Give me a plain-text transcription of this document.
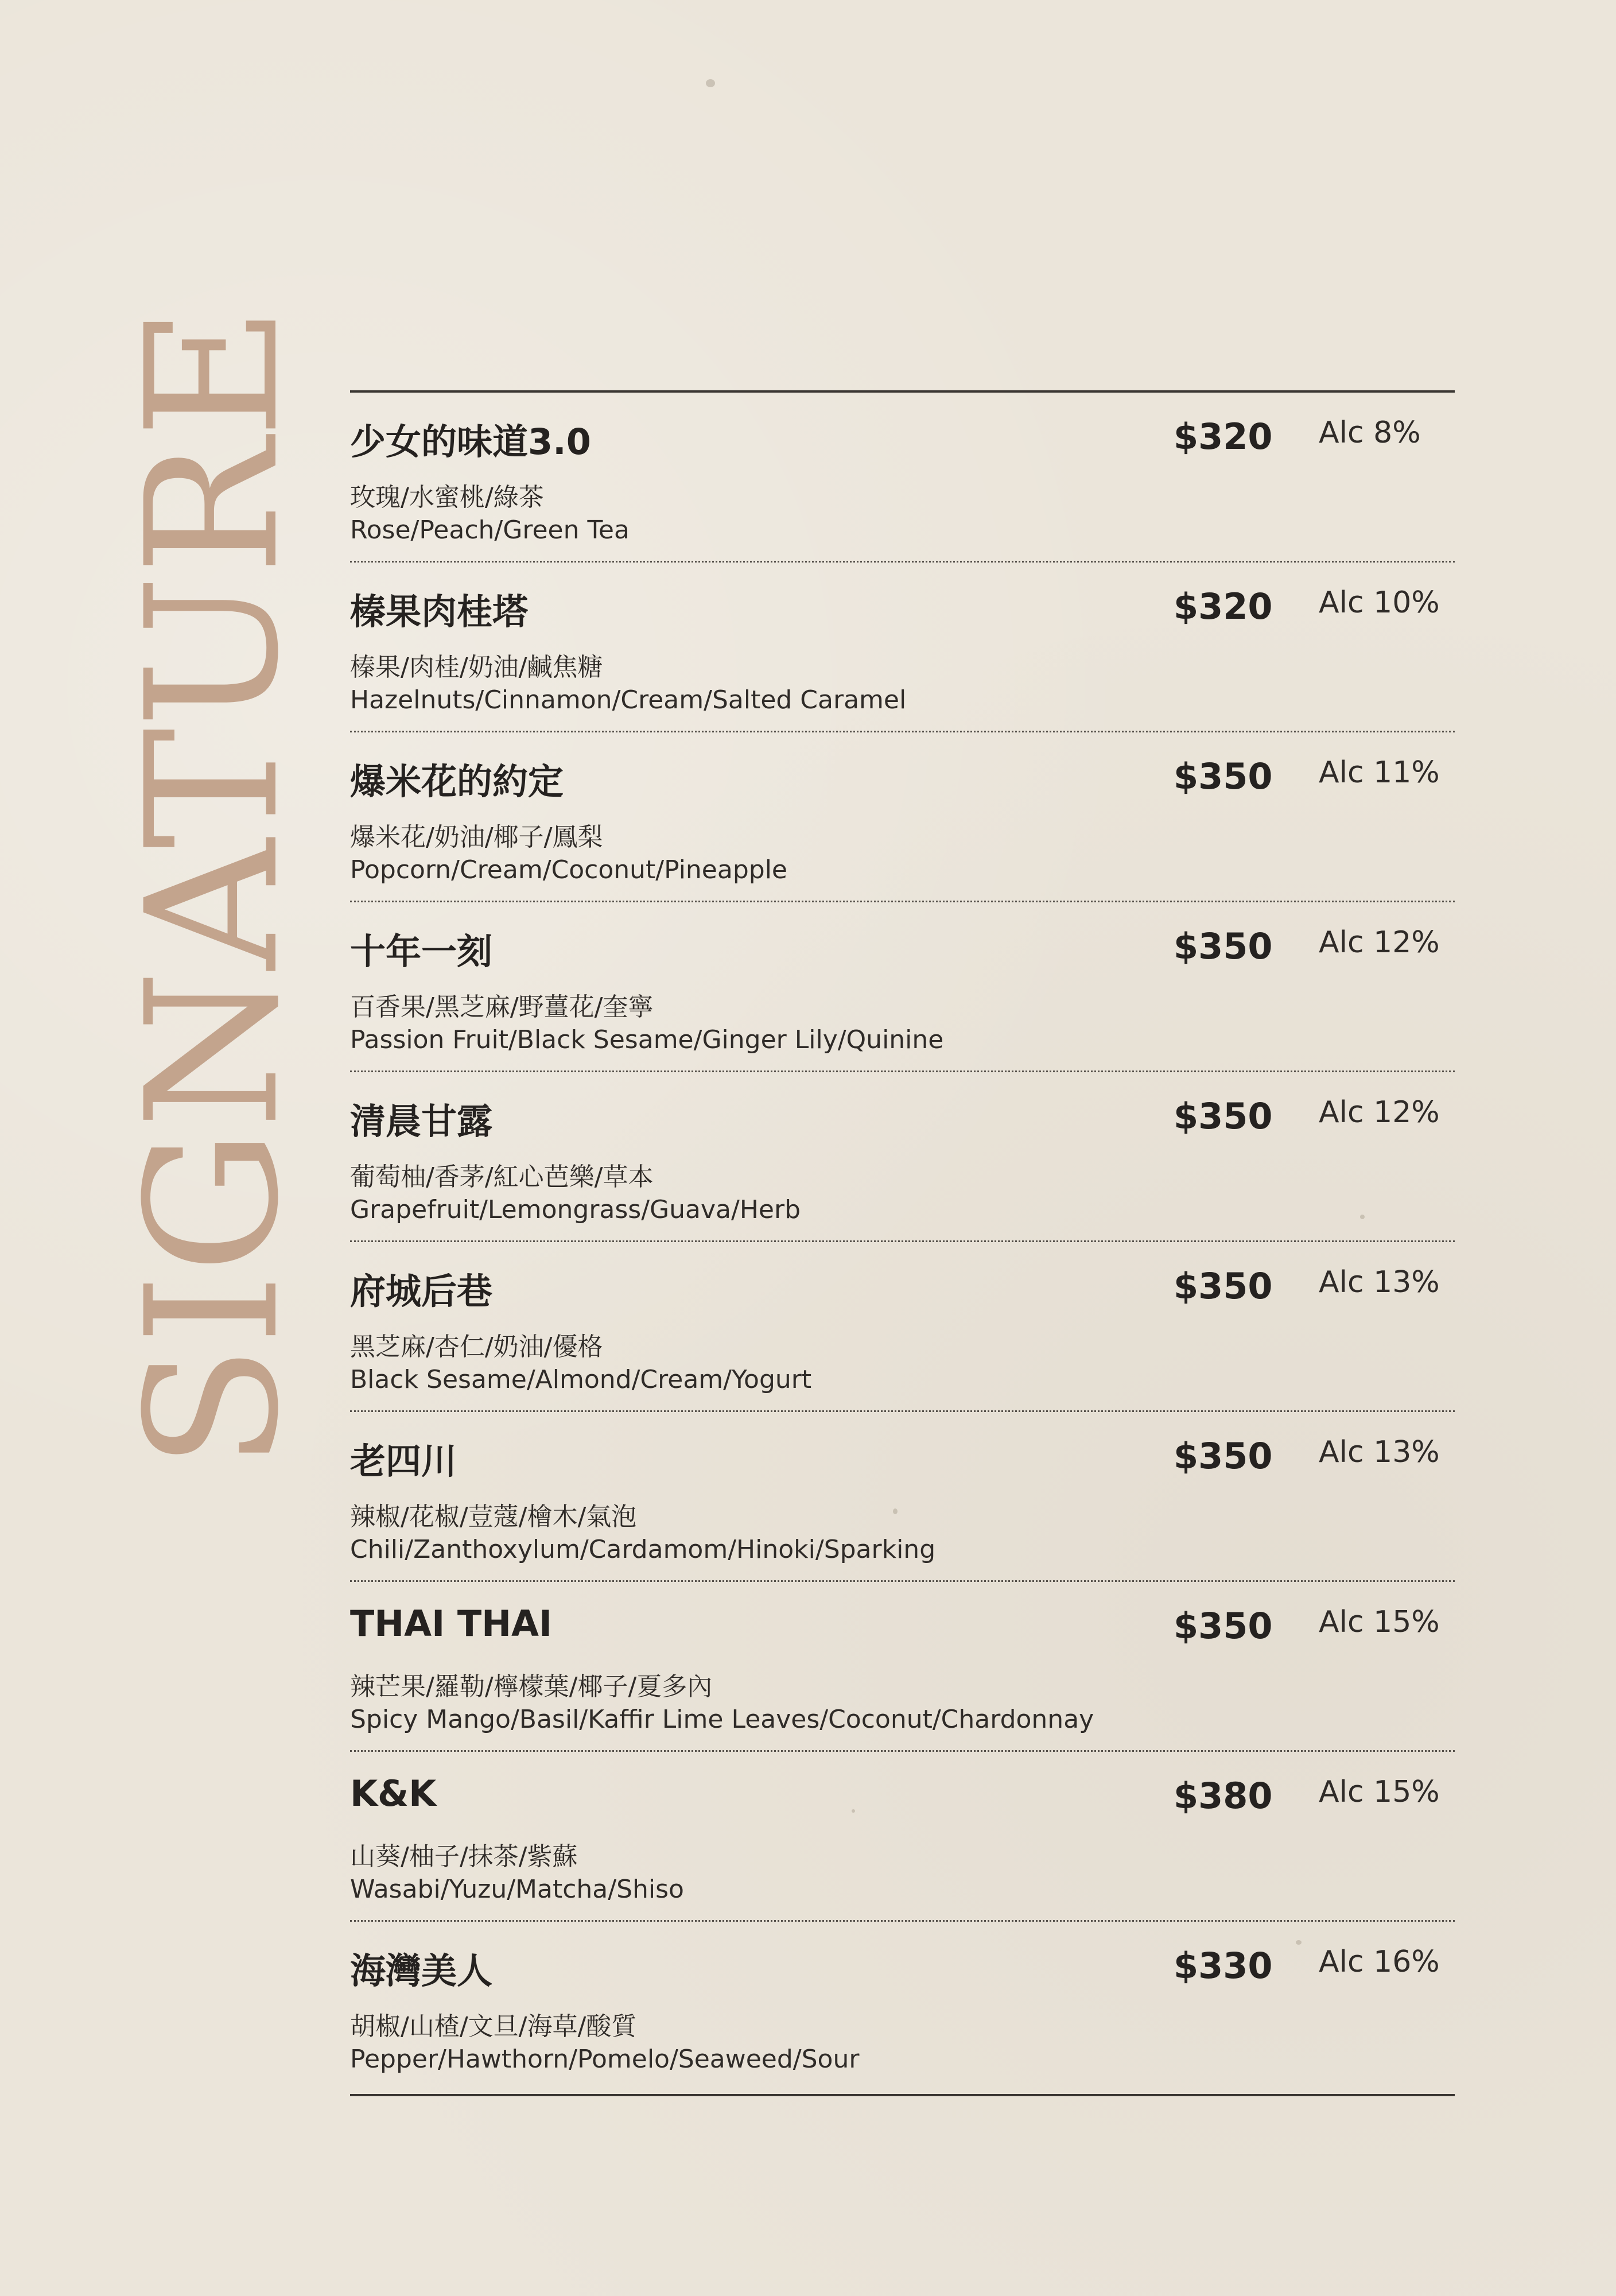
SIGNATURE 少女的味道3.0	$320 Alc 8%
玫瑰/水蜜桃/綠茶
Rose/Peach/Green Tea
榛果肉桂塔	$320 Alc 10%
榛果/肉桂/奶油/鹹焦糖
Hazelnuts/Cinnamon/Cream/Salted Caramel
爆米花的約定	$350 Alc 11%
爆米花/奶油/椰子/鳳梨
Popcorn/Cream/Coconut/Pineapple
十年一刻	$350 Alc 12%
百香果/黑芝麻/野薑花/奎寧
Passion Fruit/Black Sesame/Ginger Lily/Quinine
清晨甘露	$350 Alc 12%
葡萄柚/香茅/紅心芭樂/草本
Grapefruit/Lemongrass/Guava/Herb
府城后巷	$350 Alc 13%
黑芝麻/杏仁/奶油/優格
Black Sesame/Almond/Cream/Yogurt
老四川	$350 Alc 13%
辣椒/花椒/荳蔻/檜木/氣泡
Chili/Zanthoxylum/Cardamom/Hinoki/Sparking
THAI THAI	$350 Alc 15%
辣芒果/羅勒/檸檬葉/椰子/夏多內
Spicy Mango/Basil/Kaffir Lime Leaves/Coconut/Chardonnay
K&K	$380 Alc 15%
山葵/柚子/抹茶/紫蘇
Wasabi/Yuzu/Matcha/Shiso
海灣美人	$330 Alc 16%
胡椒/山楂/文旦/海草/酸質
Pepper/Hawthorn/Pomelo/Seaweed/Sour
